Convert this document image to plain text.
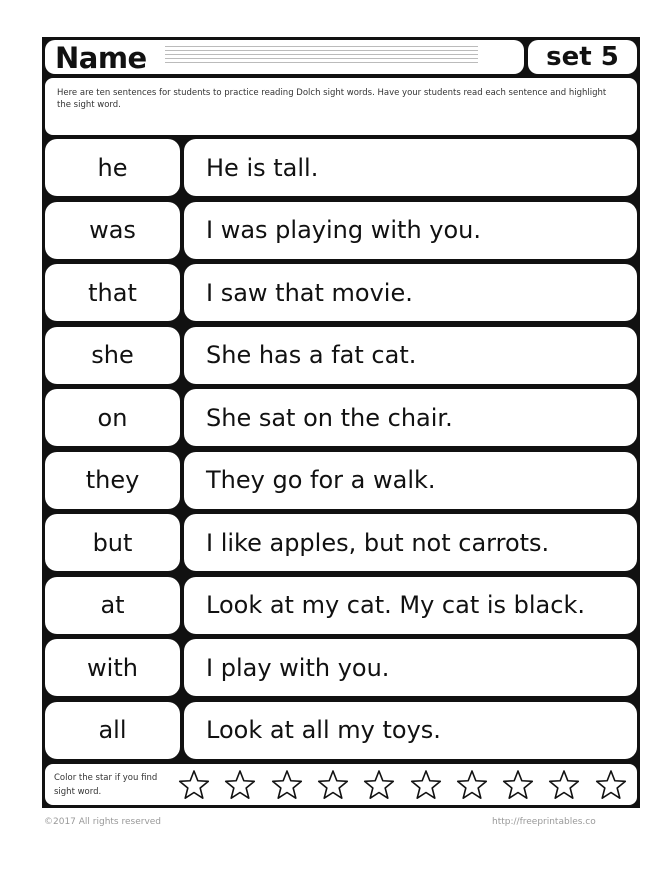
Name	set 5
Here are ten sentences for students to practice reading Dolch sight words. Have your students read each sentence and highlight the sight word.
Color the star if you find sight word.
he	He is tall.
was	I was playing with you.
that	I saw that movie.
she	She has a fat cat.
on	She sat on the chair.
they	They go for a walk.
but	I like apples, but not carrots.
at	Look at my cat. My cat is black.
with	I play with you.
all	Look at all my toys.
©2017 All rights reserved	http://freeprintables.co
